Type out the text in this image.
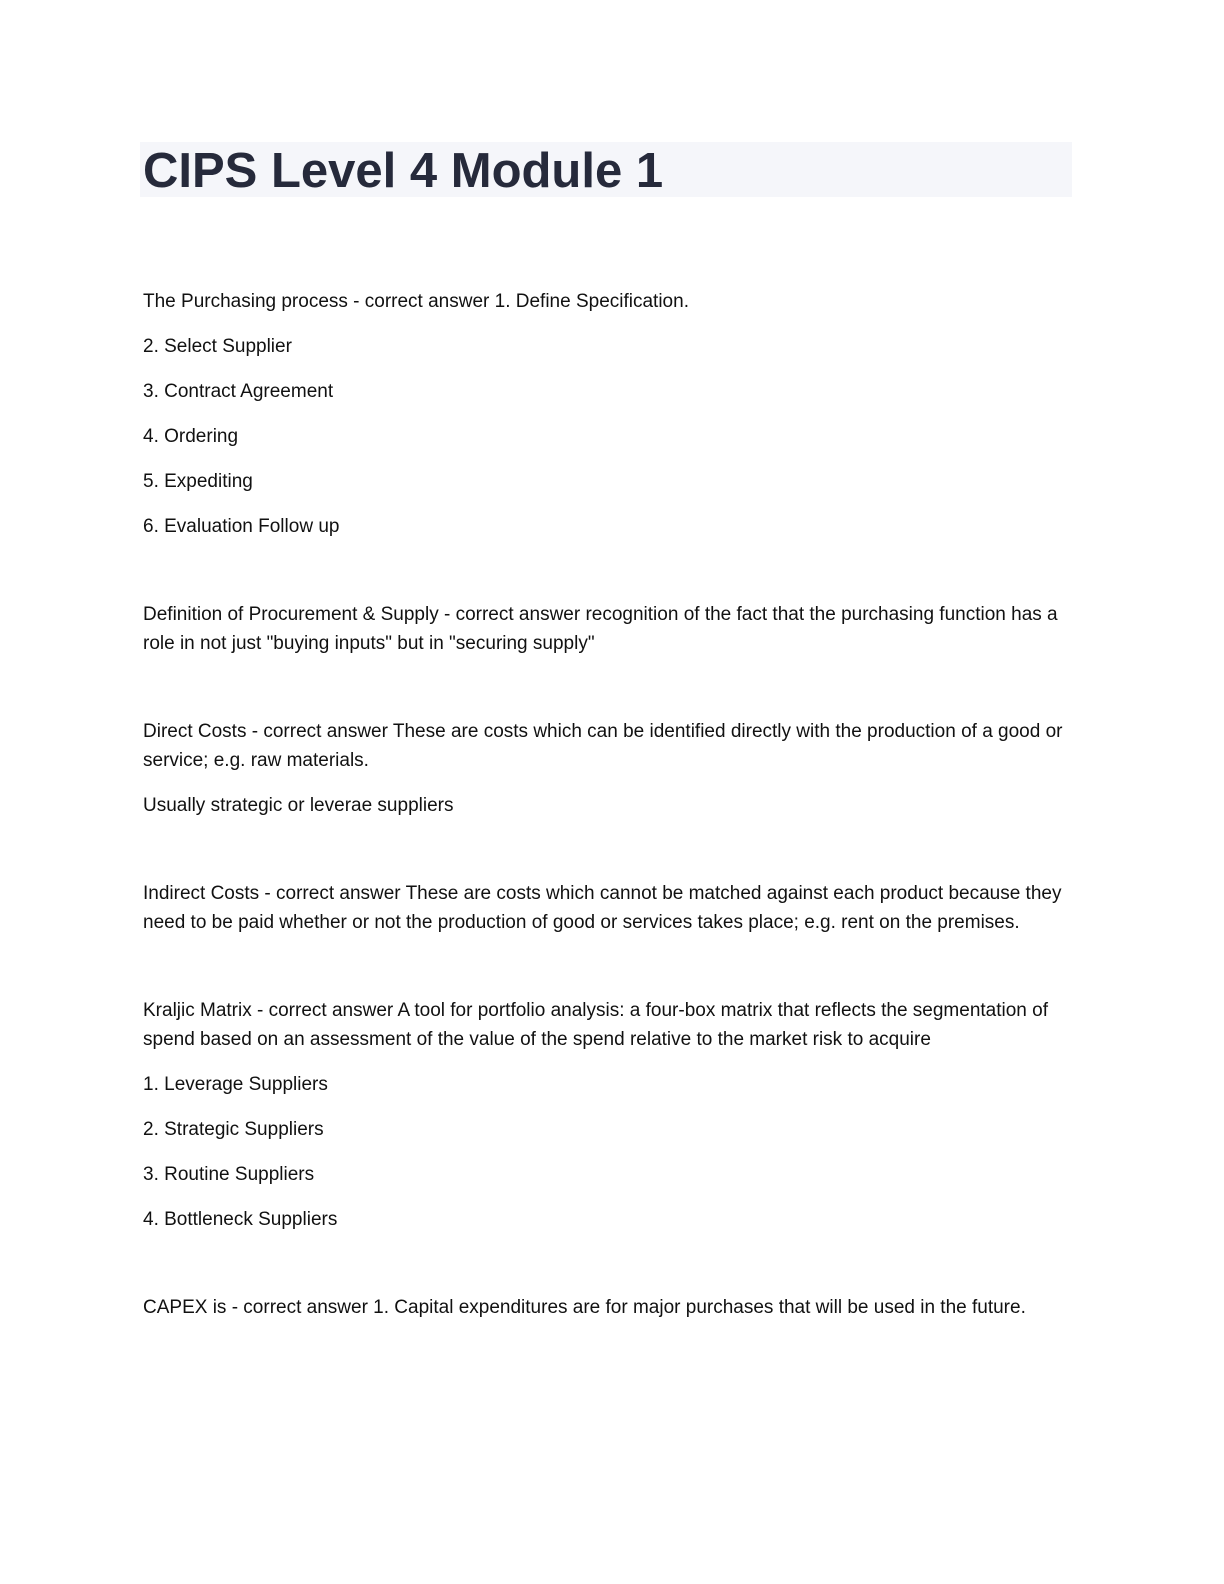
CIPS Level 4 Module 1

The Purchasing process - correct answer 1. Define Specification.

2. Select Supplier

3. Contract Agreement

4. Ordering

5. Expediting

6. Evaluation Follow up

Definition of Procurement & Supply - correct answer recognition of the fact that the purchasing function has a role in not just "buying inputs" but in "securing supply"

Direct Costs - correct answer These are costs which can be identified directly with the production of a good or service; e.g. raw materials.

Usually strategic or leverae suppliers

Indirect Costs - correct answer These are costs which cannot be matched against each product because they need to be paid whether or not the production of good or services takes place; e.g. rent on the premises.

Kraljic Matrix - correct answer A tool for portfolio analysis: a four-box matrix that reflects the segmentation of spend based on an assessment of the value of the spend relative to the market risk to acquire

1. Leverage Suppliers

2. Strategic Suppliers

3. Routine Suppliers

4. Bottleneck Suppliers

CAPEX is - correct answer 1. Capital expenditures are for major purchases that will be used in the future.
